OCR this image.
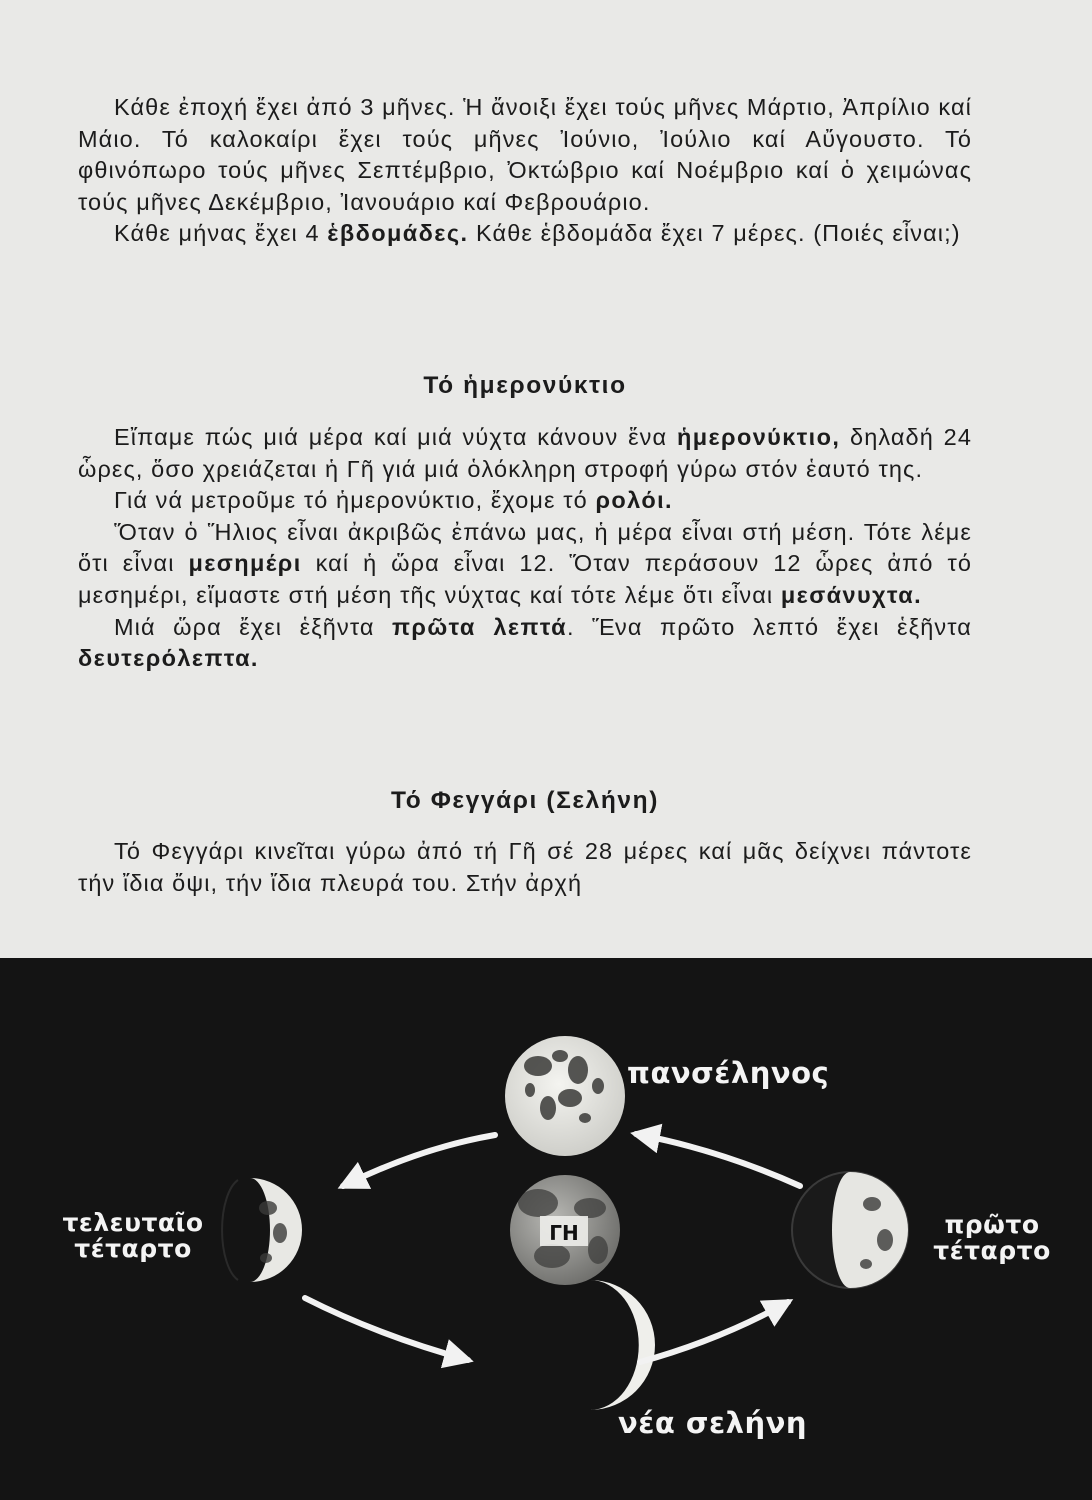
Κάθε ἐποχή ἔχει ἀπό 3 μῆνες. Ἡ ἄνοιξι ἔχει τούς μῆνες Μάρτιο, Ἀπρίλιο καί Μάιο. Τό καλοκαίρι ἔχει τούς μῆνες Ἰούνιο, Ἰούλιο καί Αὔγουστο. Τό φθινόπωρο τούς μῆνες Σεπτέμβριο, Ὀκτώβριο καί Νοέμβριο καί ὁ χειμώνας τούς μῆνες Δεκέμβριο, Ἰανουάριο καί Φεβρουάριο.

Κάθε μήνας ἔχει 4 ἑβδομάδες. Κάθε ἑβδομάδα ἔχει 7 μέρες. (Ποιές εἶναι;)

Τό ἡμερονύκτιο

Εἴπαμε πώς μιά μέρα καί μιά νύχτα κάνουν ἕνα ἡμερονύκτιο, δηλαδή 24 ὧρες, ὅσο χρειάζεται ἡ Γῆ γιά μιά ὁλόκληρη στροφή γύρω στόν ἑαυτό της.

Γιά νά μετροῦμε τό ἡμερονύκτιο, ἔχομε τό ρολόι.

Ὅταν ὁ Ἥλιος εἶναι ἀκριβῶς ἐπάνω μας, ἡ μέρα εἶναι στή μέση. Τότε λέμε ὅτι εἶναι μεσημέρι καί ἡ ὥρα εἶναι 12. Ὅταν περάσουν 12 ὧρες ἀπό τό μεσημέρι, εἴμαστε στή μέση τῆς νύχτας καί τότε λέμε ὅτι εἶναι μεσάνυχτα.

Μιά ὥρα ἔχει ἑξῆντα πρῶτα λεπτά. Ἕνα πρῶτο λεπτό ἔχει ἑξῆντα δευτερόλεπτα.

Τό Φεγγάρι (Σελήνη)

Τό Φεγγάρι κινεῖται γύρω ἀπό τή Γῆ σέ 28 μέρες καί μᾶς δείχνει πάντοτε τήν ἴδια ὄψι, τήν ἴδια πλευρά του. Στήν ἀρχή

ΓΗ
πανσέληνος
τελευταῖο
τέταρτο
πρῶτο
τέταρτο
νέα σελήνη
